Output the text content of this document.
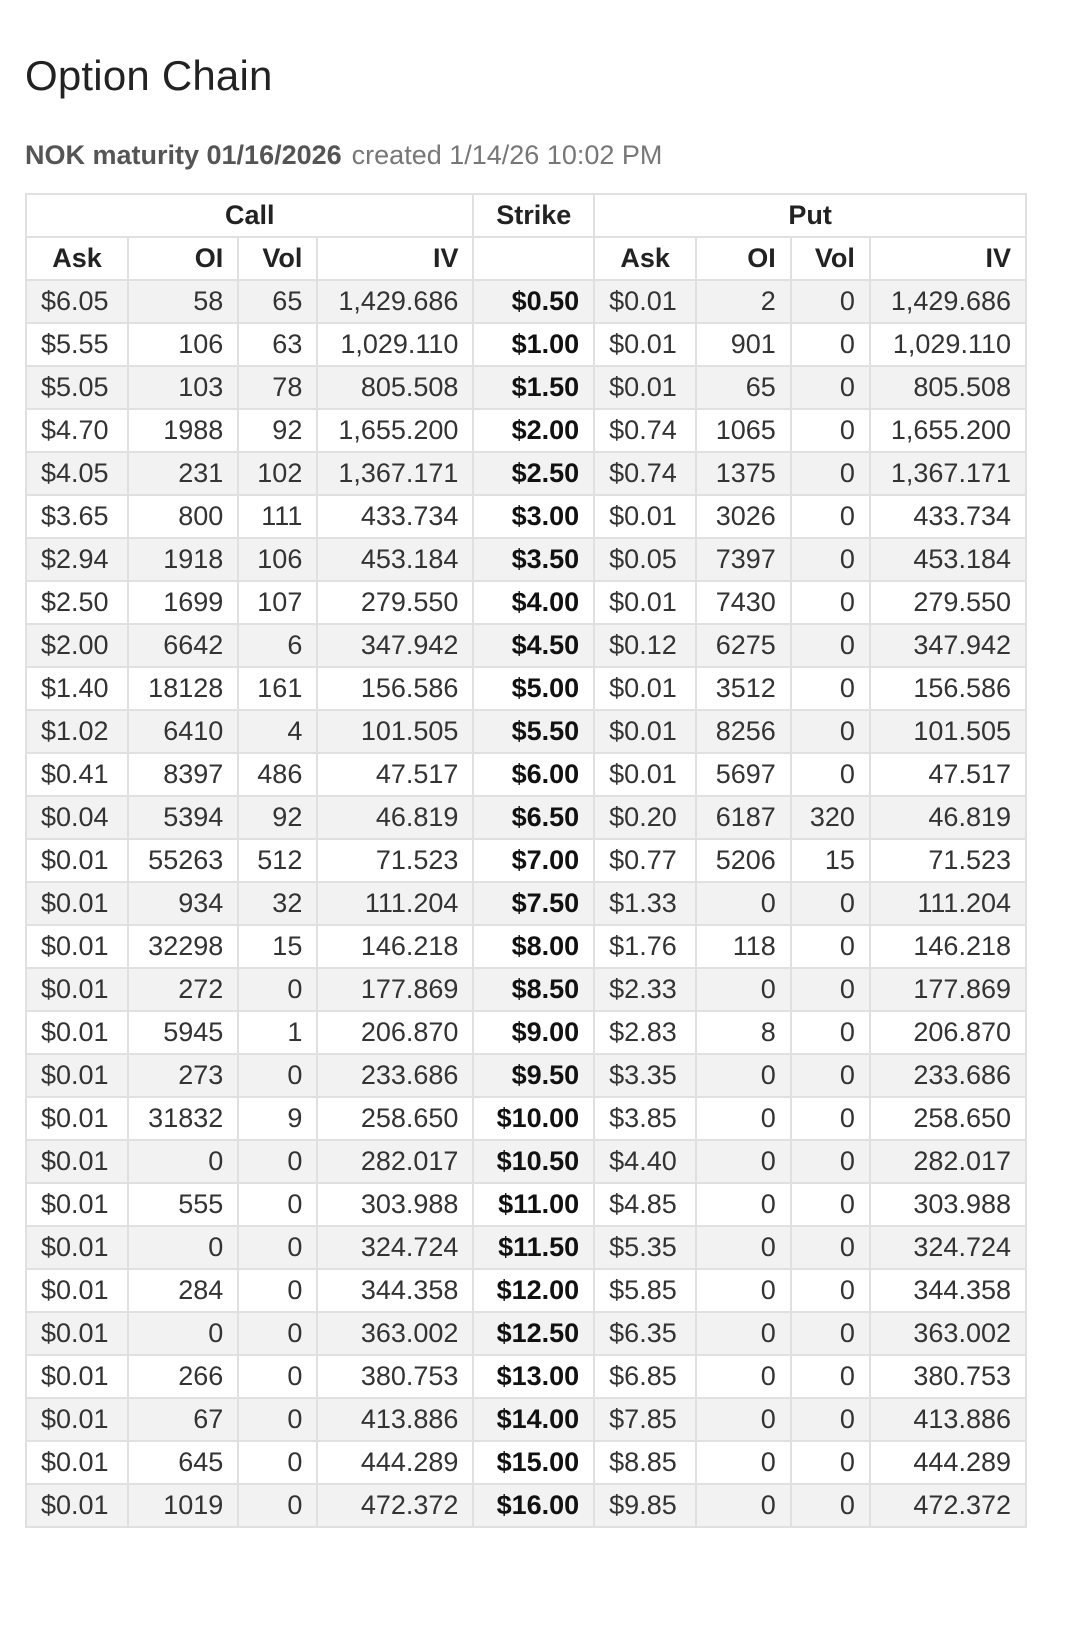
Option Chain
NOK maturity 01/16/2026 created 1/14/26 10:02 PM
Call				Strike	Put			
Ask	OI	Vol	IV		Ask	OI	Vol	IV
$6.05	58	65	1,429.686	$0.50	$0.01	2	0	1,429.686
$5.55	106	63	1,029.110	$1.00	$0.01	901	0	1,029.110
$5.05	103	78	805.508	$1.50	$0.01	65	0	805.508
$4.70	1988	92	1,655.200	$2.00	$0.74	1065	0	1,655.200
$4.05	231	102	1,367.171	$2.50	$0.74	1375	0	1,367.171
$3.65	800	111	433.734	$3.00	$0.01	3026	0	433.734
$2.94	1918	106	453.184	$3.50	$0.05	7397	0	453.184
$2.50	1699	107	279.550	$4.00	$0.01	7430	0	279.550
$2.00	6642	6	347.942	$4.50	$0.12	6275	0	347.942
$1.40	18128	161	156.586	$5.00	$0.01	3512	0	156.586
$1.02	6410	4	101.505	$5.50	$0.01	8256	0	101.505
$0.41	8397	486	47.517	$6.00	$0.01	5697	0	47.517
$0.04	5394	92	46.819	$6.50	$0.20	6187	320	46.819
$0.01	55263	512	71.523	$7.00	$0.77	5206	15	71.523
$0.01	934	32	111.204	$7.50	$1.33	0	0	111.204
$0.01	32298	15	146.218	$8.00	$1.76	118	0	146.218
$0.01	272	0	177.869	$8.50	$2.33	0	0	177.869
$0.01	5945	1	206.870	$9.00	$2.83	8	0	206.870
$0.01	273	0	233.686	$9.50	$3.35	0	0	233.686
$0.01	31832	9	258.650	$10.00	$3.85	0	0	258.650
$0.01	0	0	282.017	$10.50	$4.40	0	0	282.017
$0.01	555	0	303.988	$11.00	$4.85	0	0	303.988
$0.01	0	0	324.724	$11.50	$5.35	0	0	324.724
$0.01	284	0	344.358	$12.00	$5.85	0	0	344.358
$0.01	0	0	363.002	$12.50	$6.35	0	0	363.002
$0.01	266	0	380.753	$13.00	$6.85	0	0	380.753
$0.01	67	0	413.886	$14.00	$7.85	0	0	413.886
$0.01	645	0	444.289	$15.00	$8.85	0	0	444.289
$0.01	1019	0	472.372	$16.00	$9.85	0	0	472.372
